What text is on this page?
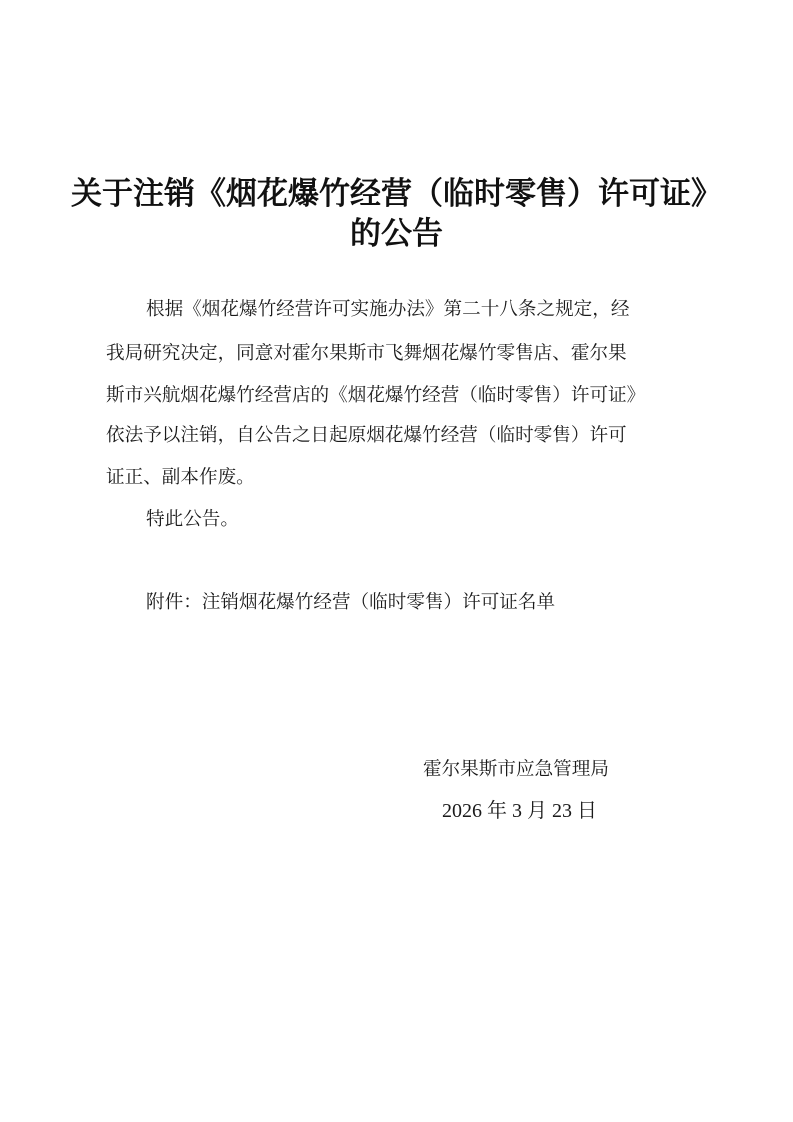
关于注销《烟花爆竹经营（临时零售）许可证》
的公告
根据《烟花爆竹经营许可实施办法》第二十八条之规定，经
我局研究决定，同意对霍尔果斯市飞舞烟花爆竹零售店、霍尔果
斯市兴航烟花爆竹经营店的《烟花爆竹经营（临时零售）许可证》
依法予以注销，自公告之日起原烟花爆竹经营（临时零售）许可
证正、副本作废。
特此公告。
附件：注销烟花爆竹经营（临时零售）许可证名单
霍尔果斯市应急管理局
2026 年 3 月 23 日
